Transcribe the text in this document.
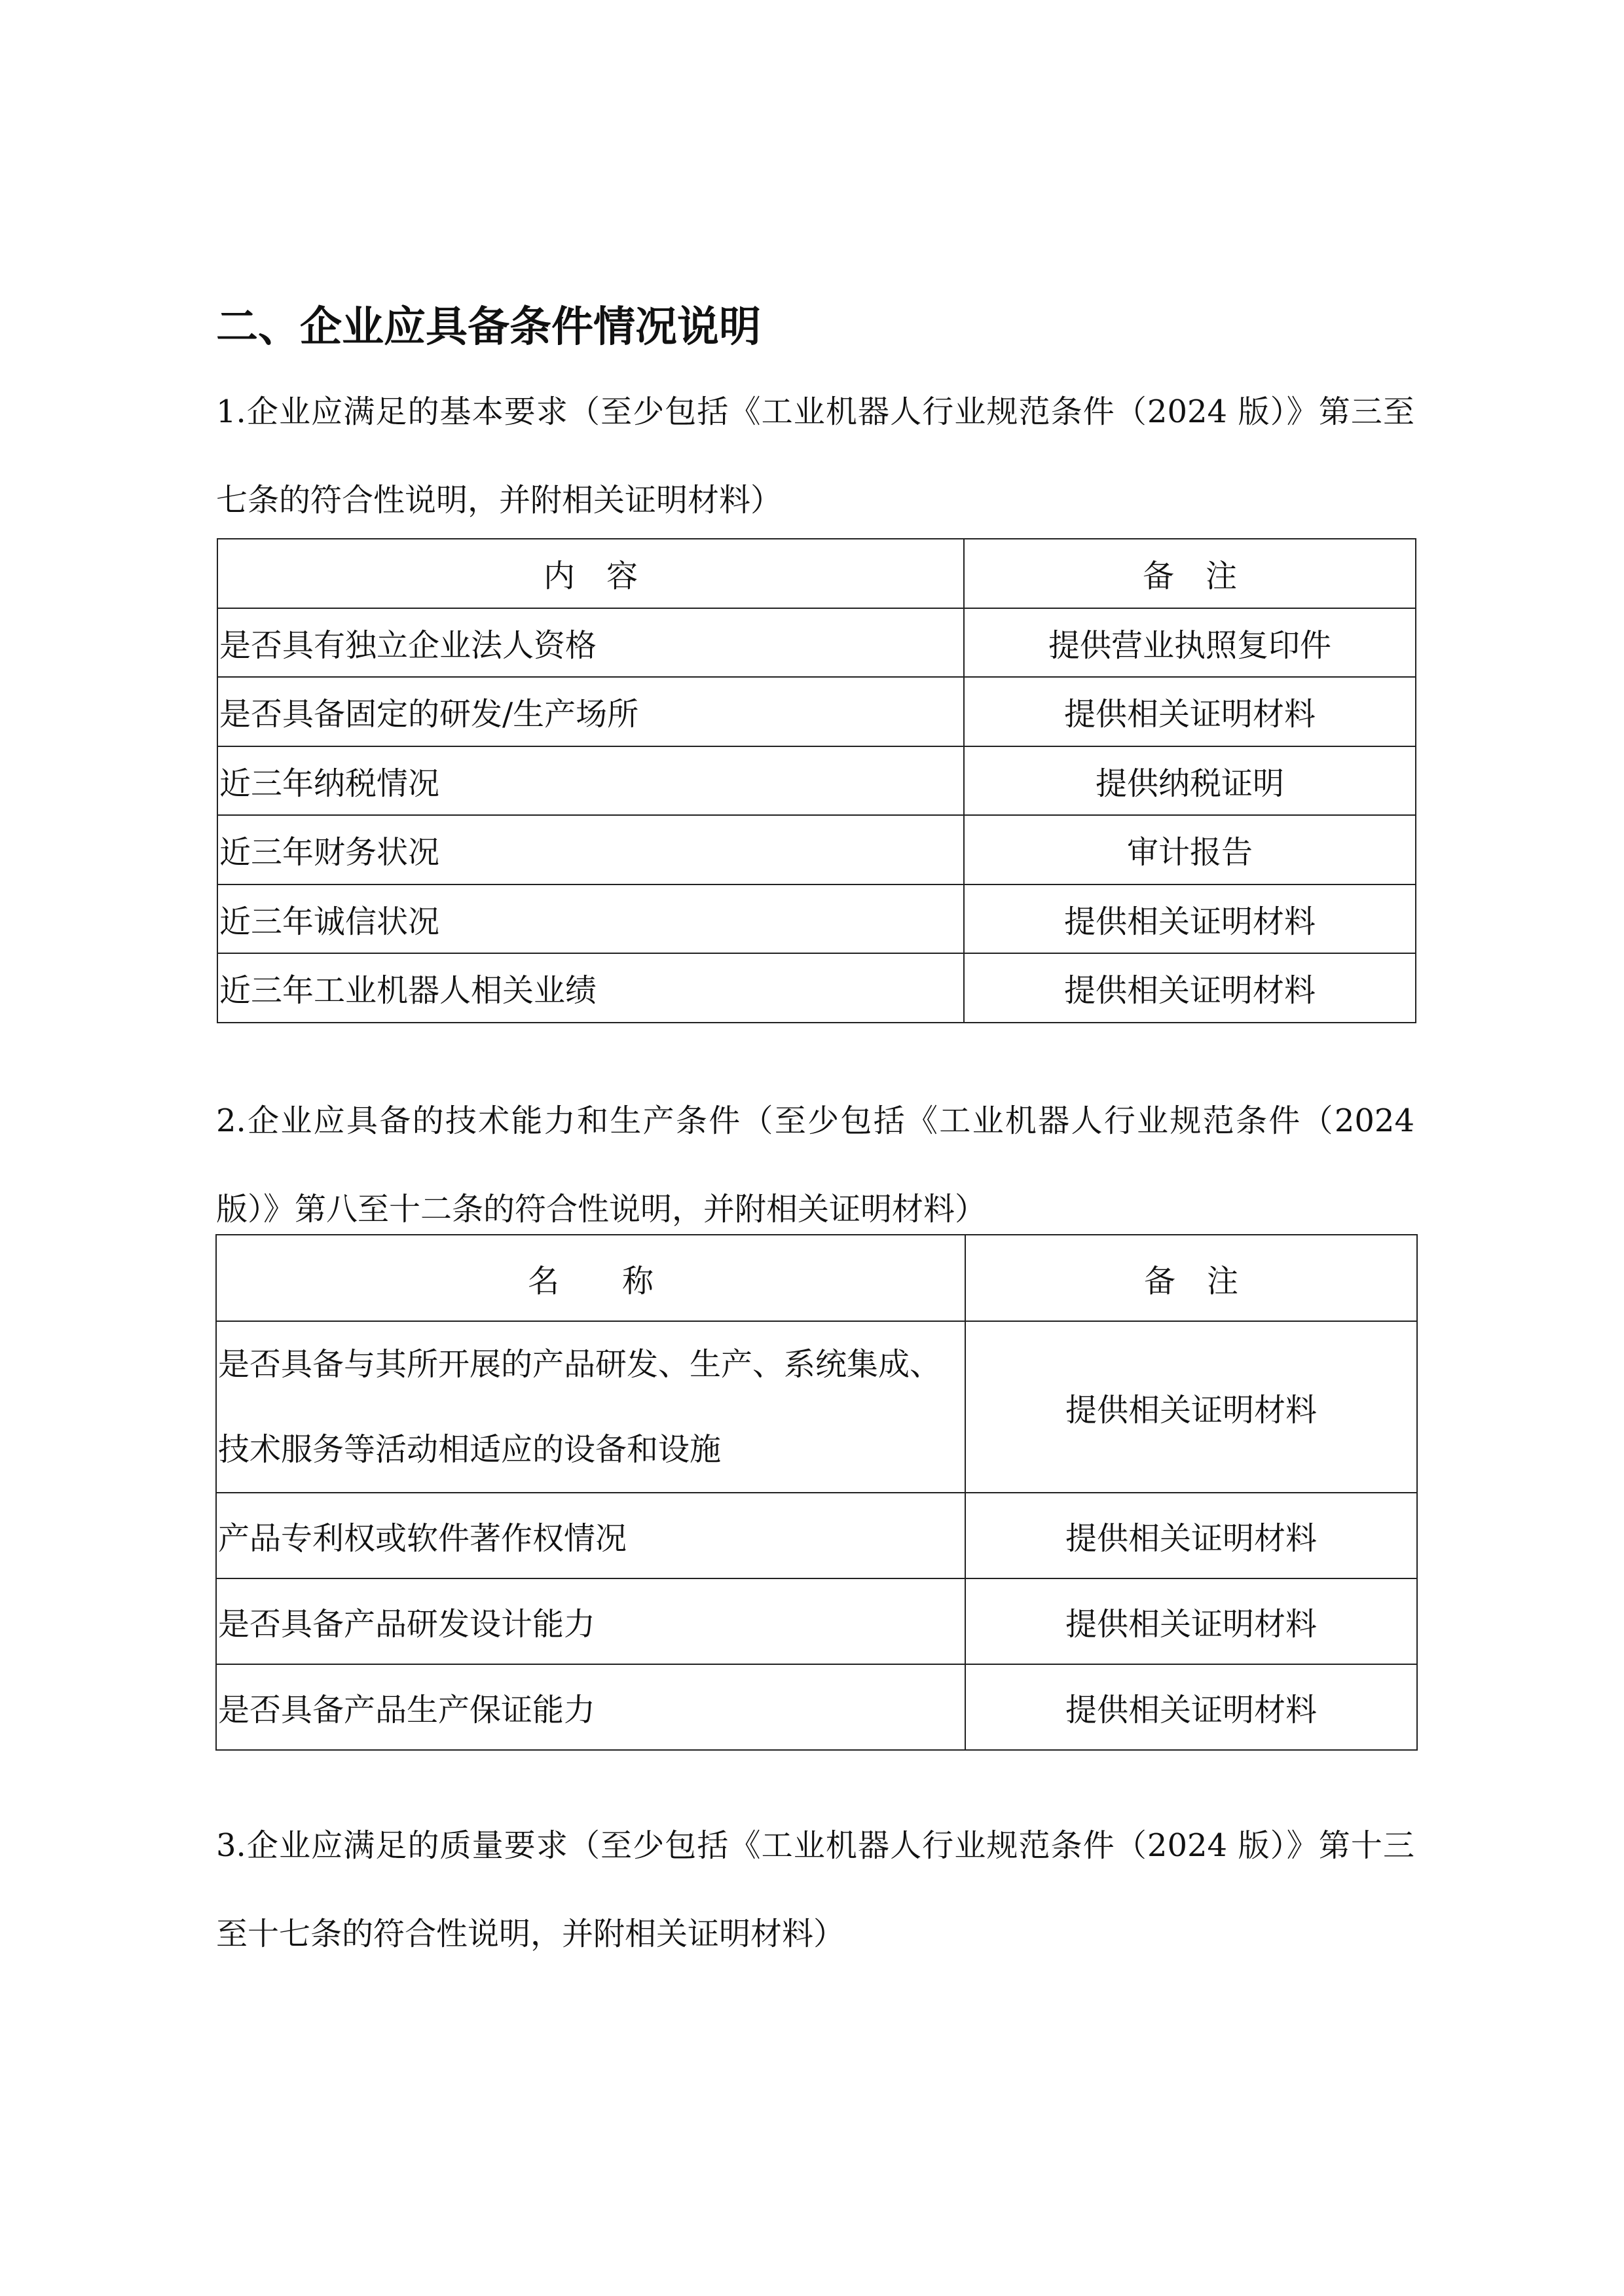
二、企业应具备条件情况说明

1.企业应满足的基本要求（至少包括《工业机器人行业规范条件（2024 版）》第三至七条的符合性说明，并附相关证明材料）

内　容	备　注
是否具有独立企业法人资格	提供营业执照复印件
是否具备固定的研发/生产场所	提供相关证明材料
近三年纳税情况	提供纳税证明
近三年财务状况	审计报告
近三年诚信状况	提供相关证明材料
近三年工业机器人相关业绩	提供相关证明材料

2.企业应具备的技术能力和生产条件（至少包括《工业机器人行业规范条件（2024 版）》第八至十二条的符合性说明，并附相关证明材料）

名　　称	备　注
是否具备与其所开展的产品研发、生产、系统集成、技术服务等活动相适应的设备和设施	提供相关证明材料
产品专利权或软件著作权情况	提供相关证明材料
是否具备产品研发设计能力	提供相关证明材料
是否具备产品生产保证能力	提供相关证明材料

3.企业应满足的质量要求（至少包括《工业机器人行业规范条件（2024 版）》第十三至十七条的符合性说明，并附相关证明材料）
